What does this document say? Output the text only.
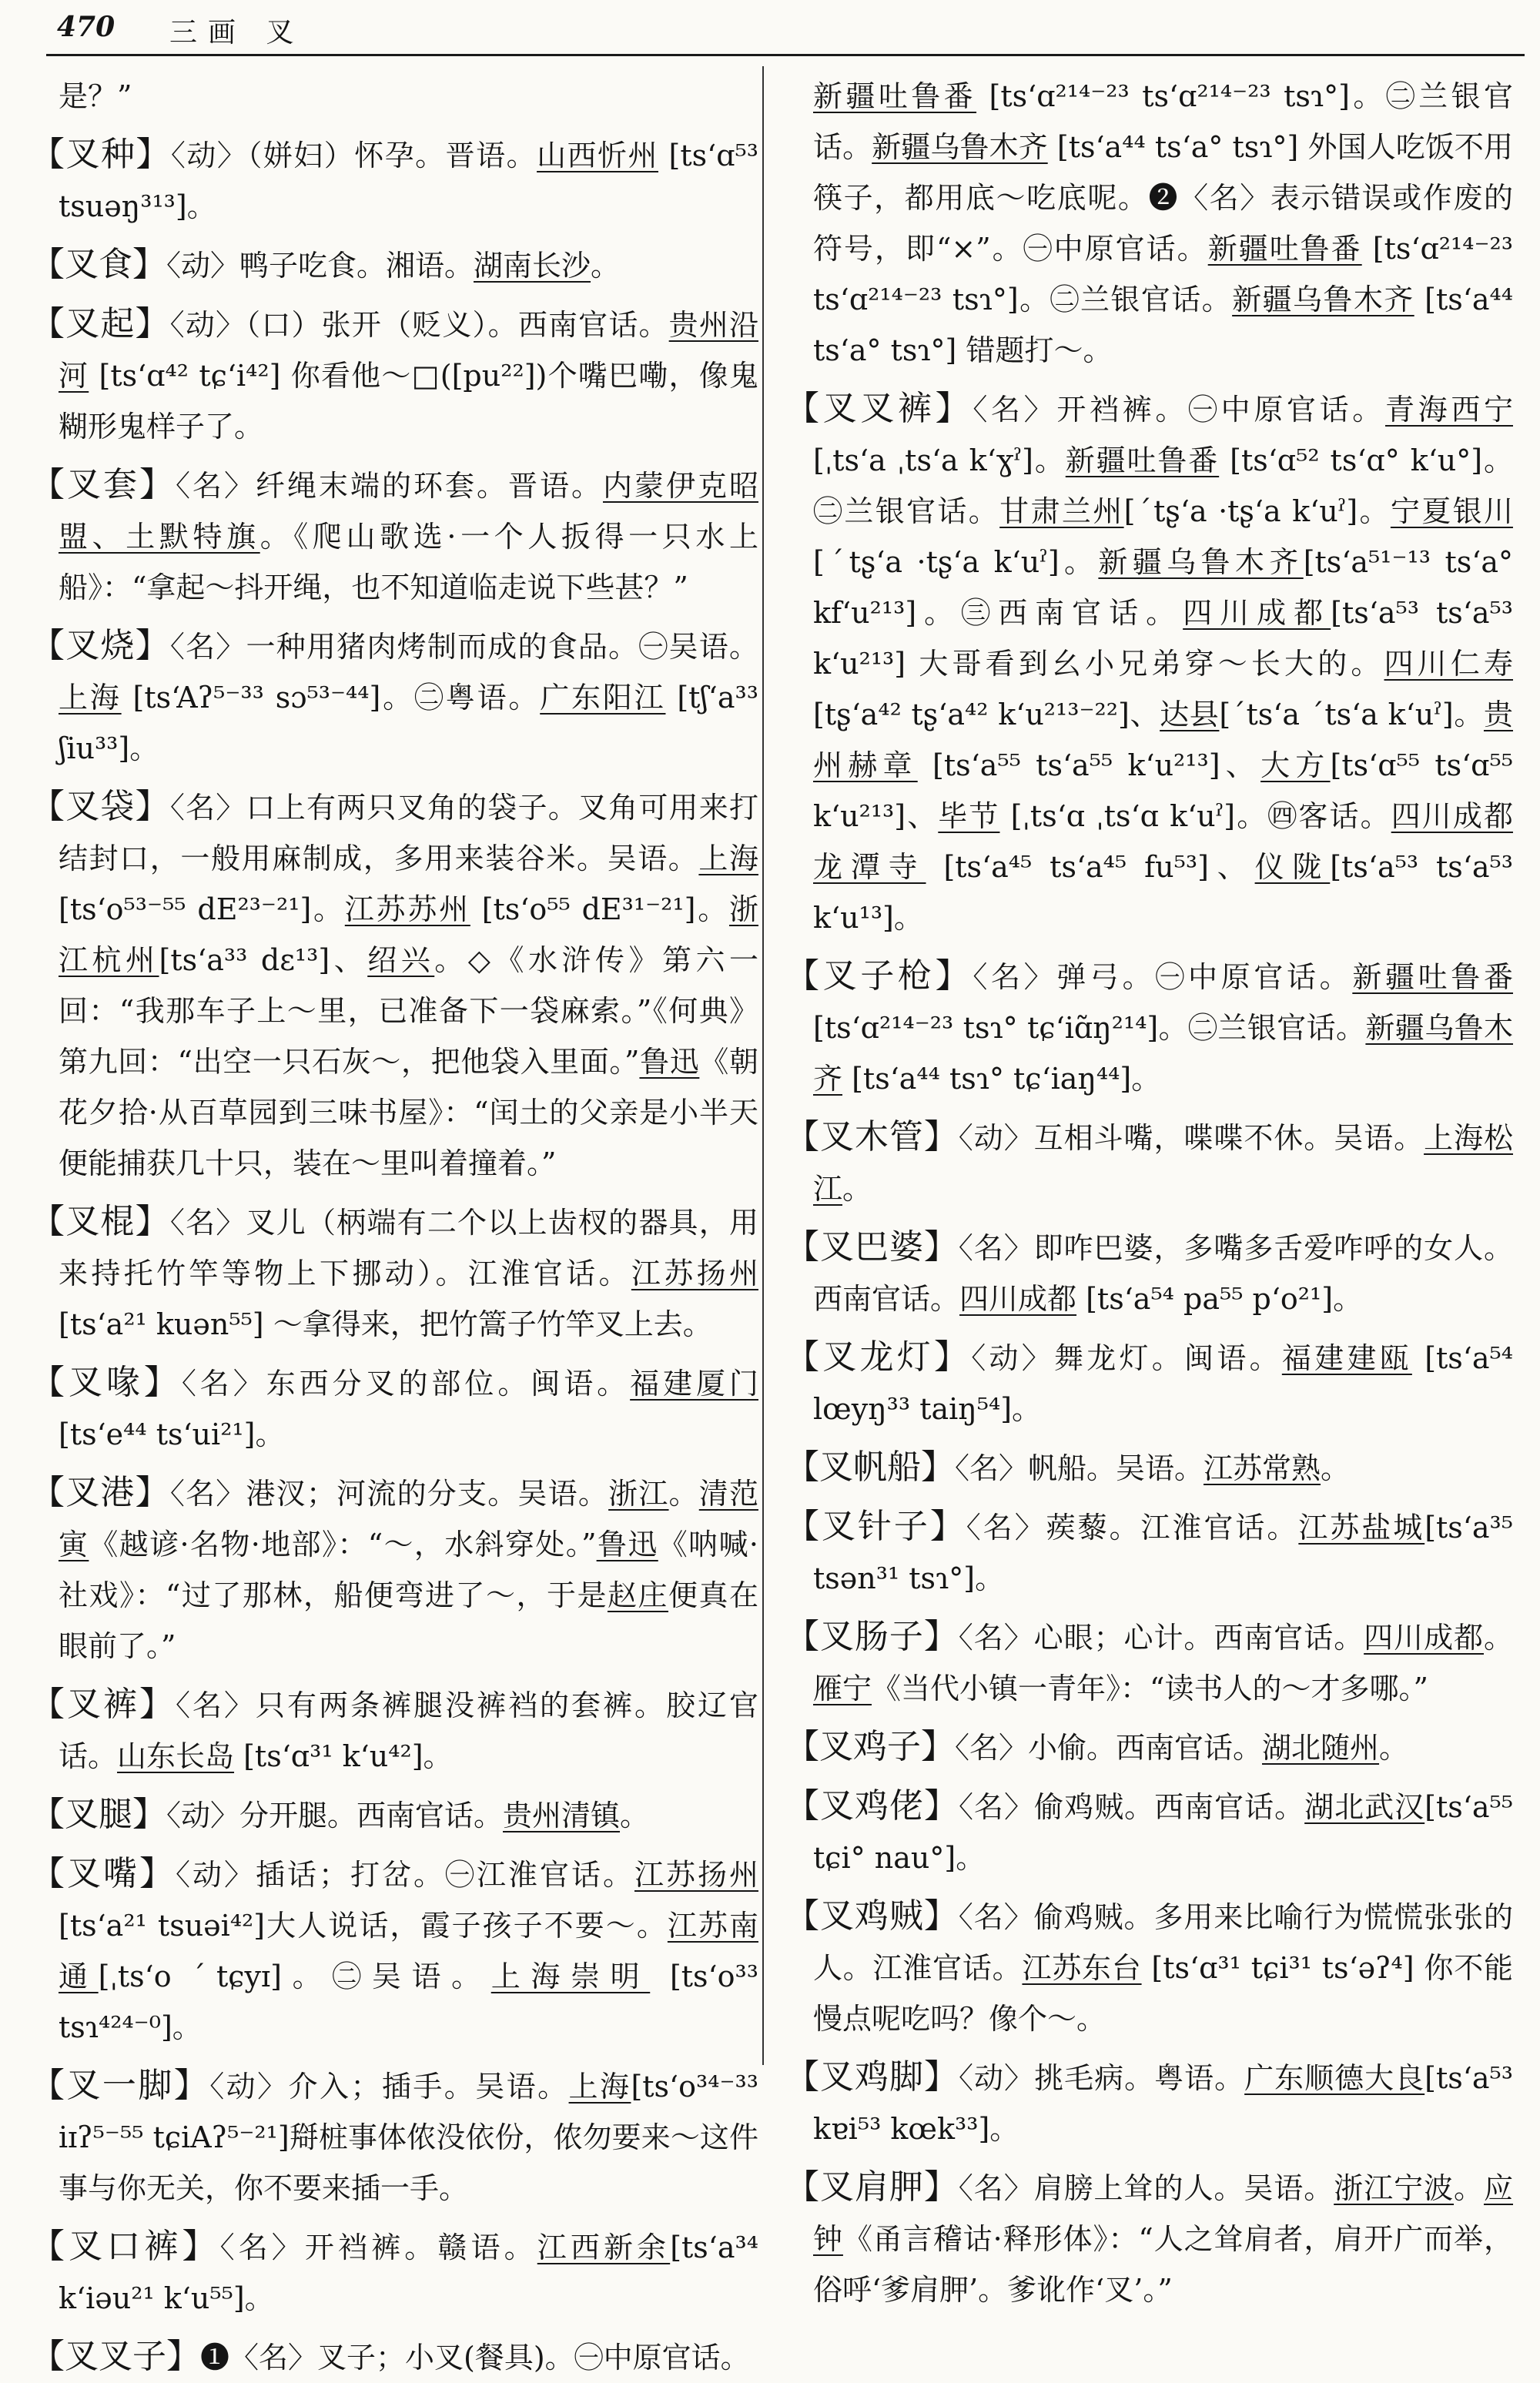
470 三画 叉
是？”
【叉种】〈动〉（姘妇）怀孕。晋语。山西忻州 [tsʻɑ⁵³ tsuəŋ³¹³]。
【叉食】〈动〉鸭子吃食。湘语。湖南长沙。
【叉起】〈动〉（口）张开（贬义）。西南官话。贵州沿河 [tsʻɑ⁴² tɕʻi⁴²] 你看他～□([pu²²])个嘴巴嘞，像鬼糊形鬼样子了。
【叉套】〈名〉纤绳末端的环套。晋语。内蒙伊克昭盟、土默特旗。《爬山歌选·一个人扳得一只水上船》：“拿起～抖开绳，也不知道临走说下些甚？”
【叉烧】〈名〉一种用猪肉烤制而成的食品。㊀吴语。上海 [tsʻAʔ⁵⁻³³ sɔ⁵³⁻⁴⁴]。㊁粤语。广东阳江 [tʃʻa³³ ʃiu³³]。
【叉袋】〈名〉口上有两只叉角的袋子。叉角可用来打结封口，一般用麻制成，多用来装谷米。吴语。上海 [tsʻo⁵³⁻⁵⁵ dE²³⁻²¹]。江苏苏州 [tsʻo⁵⁵ dE³¹⁻²¹]。浙江杭州[tsʻa³³ dɛ¹³]、绍兴。◇《水浒传》第六一回：“我那车子上～里，已准备下一袋麻索。”《何典》第九回：“出空一只石灰～，把他袋入里面。”鲁迅《朝花夕拾·从百草园到三味书屋》：“闰土的父亲是小半天便能捕获几十只，装在～里叫着撞着。”
【叉棍】〈名〉叉儿（柄端有二个以上齿杈的器具，用来持托竹竿等物上下挪动）。江淮官话。江苏扬州 [tsʻa²¹ kuən⁵⁵] ～拿得来，把竹篙子竹竿叉上去。
【叉喙】〈名〉东西分叉的部位。闽语。福建厦门[tsʻe⁴⁴ tsʻui²¹]。
【叉港】〈名〉港汊；河流的分支。吴语。浙江。清范寅《越谚·名物·地部》：“～，水斜穿处。”鲁迅《呐喊·社戏》：“过了那林，船便弯进了～，于是赵庄便真在眼前了。”
【叉裤】〈名〉只有两条裤腿没裤裆的套裤。胶辽官话。山东长岛 [tsʻɑ³¹ kʻu⁴²]。
【叉腿】〈动〉分开腿。西南官话。贵州清镇。
【叉嘴】〈动〉插话；打岔。㊀江淮官话。江苏扬州 [tsʻa²¹ tsuəi⁴²]大人说话，霞子孩子不要～。江苏南通[ˌtsʻo ˊtɕyɪ]。㊁吴语。上海崇明 [tsʻo³³ tsɿ⁴²⁴⁻⁰]。
【叉一脚】〈动〉介入；插手。吴语。上海[tsʻo³⁴⁻³³ iɪʔ⁵⁻⁵⁵ tɕiAʔ⁵⁻²¹]搿桩事体侬没依份，侬勿要来～这件事与你无关，你不要来插一手。
【叉口裤】〈名〉开裆裤。赣语。江西新余[tsʻa³⁴ kʻiəu²¹ kʻu⁵⁵]。
【叉叉子】❶〈名〉叉子；小叉(餐具)。㊀中原官话。
新疆吐鲁番 [tsʻɑ²¹⁴⁻²³ tsʻɑ²¹⁴⁻²³ tsɿ°]。㊁兰银官话。新疆乌鲁木齐 [tsʻa⁴⁴ tsʻa° tsɿ°] 外国人吃饭不用筷子，都用底～吃底呢。❷〈名〉表示错误或作废的符号，即“×”。㊀中原官话。新疆吐鲁番 [tsʻɑ²¹⁴⁻²³ tsʻɑ²¹⁴⁻²³ tsɿ°]。㊁兰银官话。新疆乌鲁木齐 [tsʻa⁴⁴ tsʻa° tsɿ°] 错题打～。
【叉叉裤】〈名〉开裆裤。㊀中原官话。青海西宁 [ˌtsʻa ˌtsʻa kʻɣˀ]。新疆吐鲁番 [tsʻɑ⁵² tsʻɑ° kʻu°]。㊁兰银官话。甘肃兰州[ˊtʂʻa ·tʂʻa kʻuˀ]。宁夏银川[ˊtʂʻa ·tʂʻa kʻuˀ]。新疆乌鲁木齐[tsʻa⁵¹⁻¹³ tsʻa° kfʻu²¹³]。㊂西南官话。四川成都[tsʻa⁵³ tsʻa⁵³ kʻu²¹³] 大哥看到幺小兄弟穿～长大的。四川仁寿 [tʂʻa⁴² tʂʻa⁴² kʻu²¹³⁻²²]、达县[ˊtsʻa ˊtsʻa kʻuˀ]。贵州赫章 [tsʻa⁵⁵ tsʻa⁵⁵ kʻu²¹³]、大方[tsʻɑ⁵⁵ tsʻɑ⁵⁵ kʻu²¹³]、毕节 [ˌtsʻɑ ˌtsʻɑ kʻuˀ]。㊃客话。四川成都龙潭寺 [tsʻa⁴⁵ tsʻa⁴⁵ fu⁵³]、仪陇[tsʻa⁵³ tsʻa⁵³ kʻu¹³]。
【叉子枪】〈名〉弹弓。㊀中原官话。新疆吐鲁番[tsʻɑ²¹⁴⁻²³ tsɿ° tɕʻiɑ̃ŋ²¹⁴]。㊁兰银官话。新疆乌鲁木齐 [tsʻa⁴⁴ tsɿ° tɕʻiaŋ⁴⁴]。
【叉木管】〈动〉互相斗嘴，喋喋不休。吴语。上海松江。
【叉巴婆】〈名〉即咋巴婆，多嘴多舌爱咋呼的女人。西南官话。四川成都 [tsʻa⁵⁴ pa⁵⁵ pʻo²¹]。
【叉龙灯】〈动〉舞龙灯。闽语。福建建瓯 [tsʻa⁵⁴ lœyŋ³³ taiŋ⁵⁴]。
【叉帆船】〈名〉帆船。吴语。江苏常熟。
【叉针子】〈名〉蒺藜。江淮官话。江苏盐城[tsʻa³⁵ tsən³¹ tsɿ°]。
【叉肠子】〈名〉心眼；心计。西南官话。四川成都。雁宁《当代小镇一青年》：“读书人的～才多哪。”
【叉鸡子】〈名〉小偷。西南官话。湖北随州。
【叉鸡佬】〈名〉偷鸡贼。西南官话。湖北武汉[tsʻa⁵⁵ tɕi° nau°]。
【叉鸡贼】〈名〉偷鸡贼。多用来比喻行为慌慌张张的人。江淮官话。江苏东台 [tsʻɑ³¹ tɕi³¹ tsʻəʔ⁴] 你不能慢点呢吃吗？像个～。
【叉鸡脚】〈动〉挑毛病。粤语。广东顺德大良[tsʻa⁵³ kɐi⁵³ kœk³³]。
【叉肩胛】〈名〉肩膀上耸的人。吴语。浙江宁波。应钟《甬言稽诂·释形体》：“人之耸肩者，肩开广而举，俗呼‘爹肩胛’。爹讹作‘叉’。”
